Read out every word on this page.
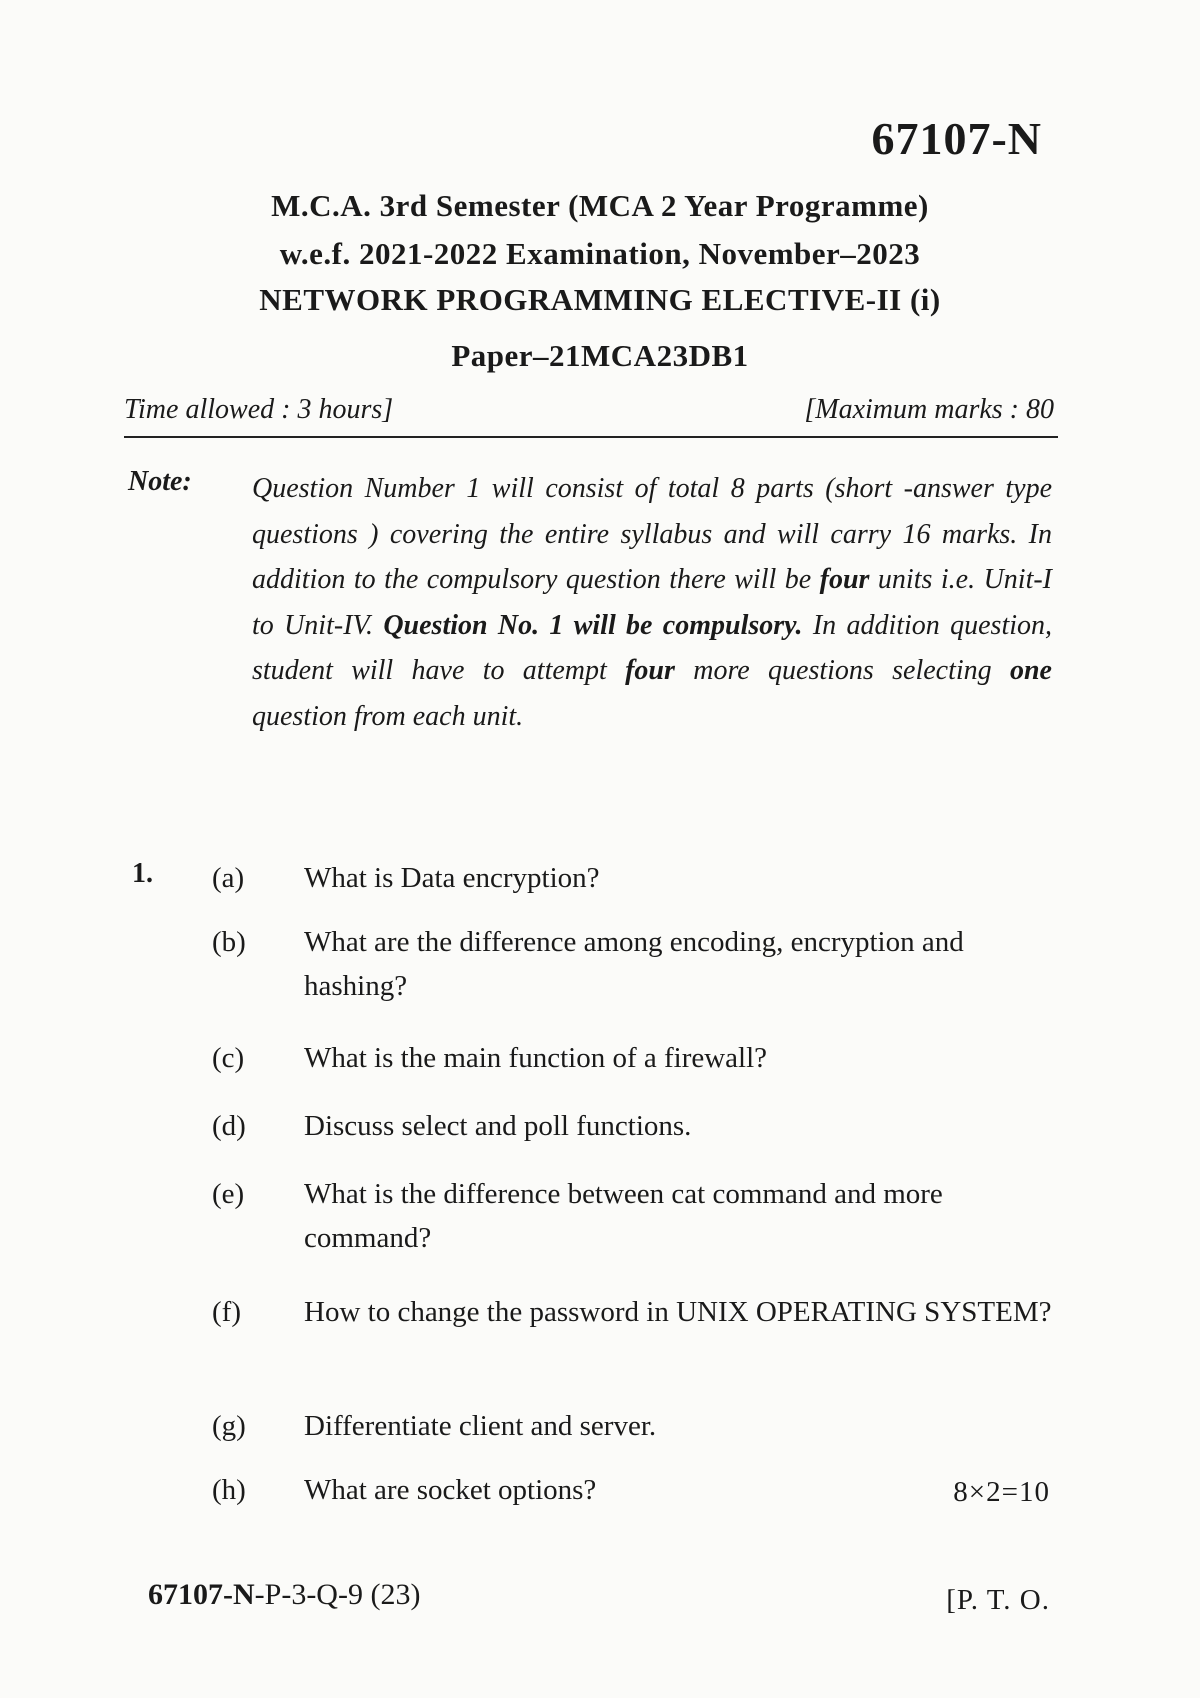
67107-N
M.C.A. 3rd Semester (MCA 2 Year Programme)
w.e.f. 2021-2022 Examination, November–2023
NETWORK PROGRAMMING ELECTIVE-II (i)
Paper–21MCA23DB1
Time allowed : 3 hours]	[Maximum marks : 80
Note: Question Number 1 will consist of total 8 parts (short -answer type questions ) covering the entire syllabus and will carry 16 marks. In addition to the compulsory question there will be four units i.e. Unit-I to Unit-IV. Question No. 1 will be compulsory. In addition question, student will have to attempt four more questions selecting one question from each unit.
1. (a)	What is Data encryption?
(b)	What are the difference among encoding, encryption and hashing?
(c)	What is the main function of a firewall?
(d)	Discuss select and poll functions.
(e)	What is the difference between cat command and more command?
(f)	How to change the password in UNIX OPERATING SYSTEM?
(g)	Differentiate client and server.
(h)	What are socket options?	8×2=10
67107-N-P-3-Q-9 (23)	[P. T. O.
